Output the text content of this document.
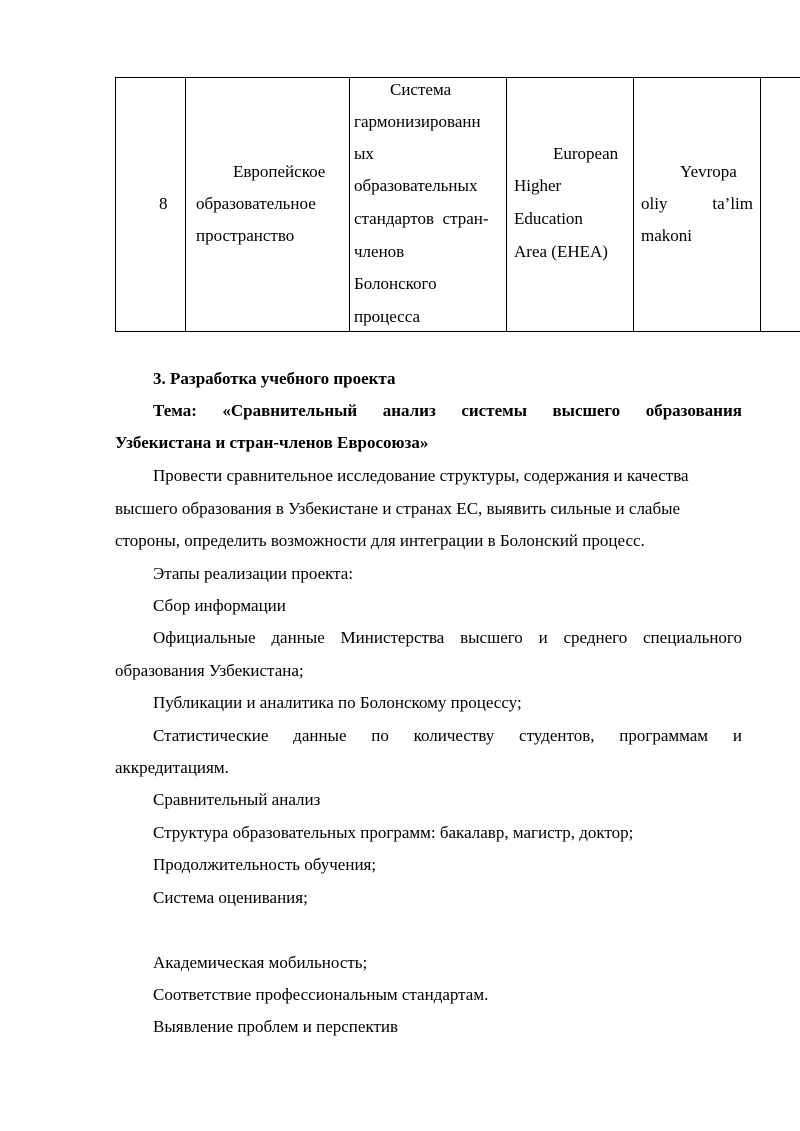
8
Европейское
образовательное
пространство
Система
гармонизированн
ых
образовательных
стандартов  стран-
членов
Болонского
процесса
European
Higher
Education
Area (EHEA)
Yevropa
oliy	ta’lim
makoni
3. Разработка учебного проекта
Тема: «Сравнительный анализ системы высшего образования
Узбекистана и стран-членов Евросоюза»
Провести сравнительное исследование структуры, содержания и качества
высшего образования в Узбекистане и странах ЕС, выявить сильные и слабые
стороны, определить возможности для интеграции в Болонский процесс.
Этапы реализации проекта:
Сбор информации
Официальные данные Министерства высшего и среднего специального
образования Узбекистана;
Публикации и аналитика по Болонскому процессу;
Статистические данные по количеству студентов, программам и
аккредитациям.
Сравнительный анализ
Структура образовательных программ: бакалавр, магистр, доктор;
Продолжительность обучения;
Система оценивания;
Академическая мобильность;
Соответствие профессиональным стандартам.
Выявление проблем и перспектив
